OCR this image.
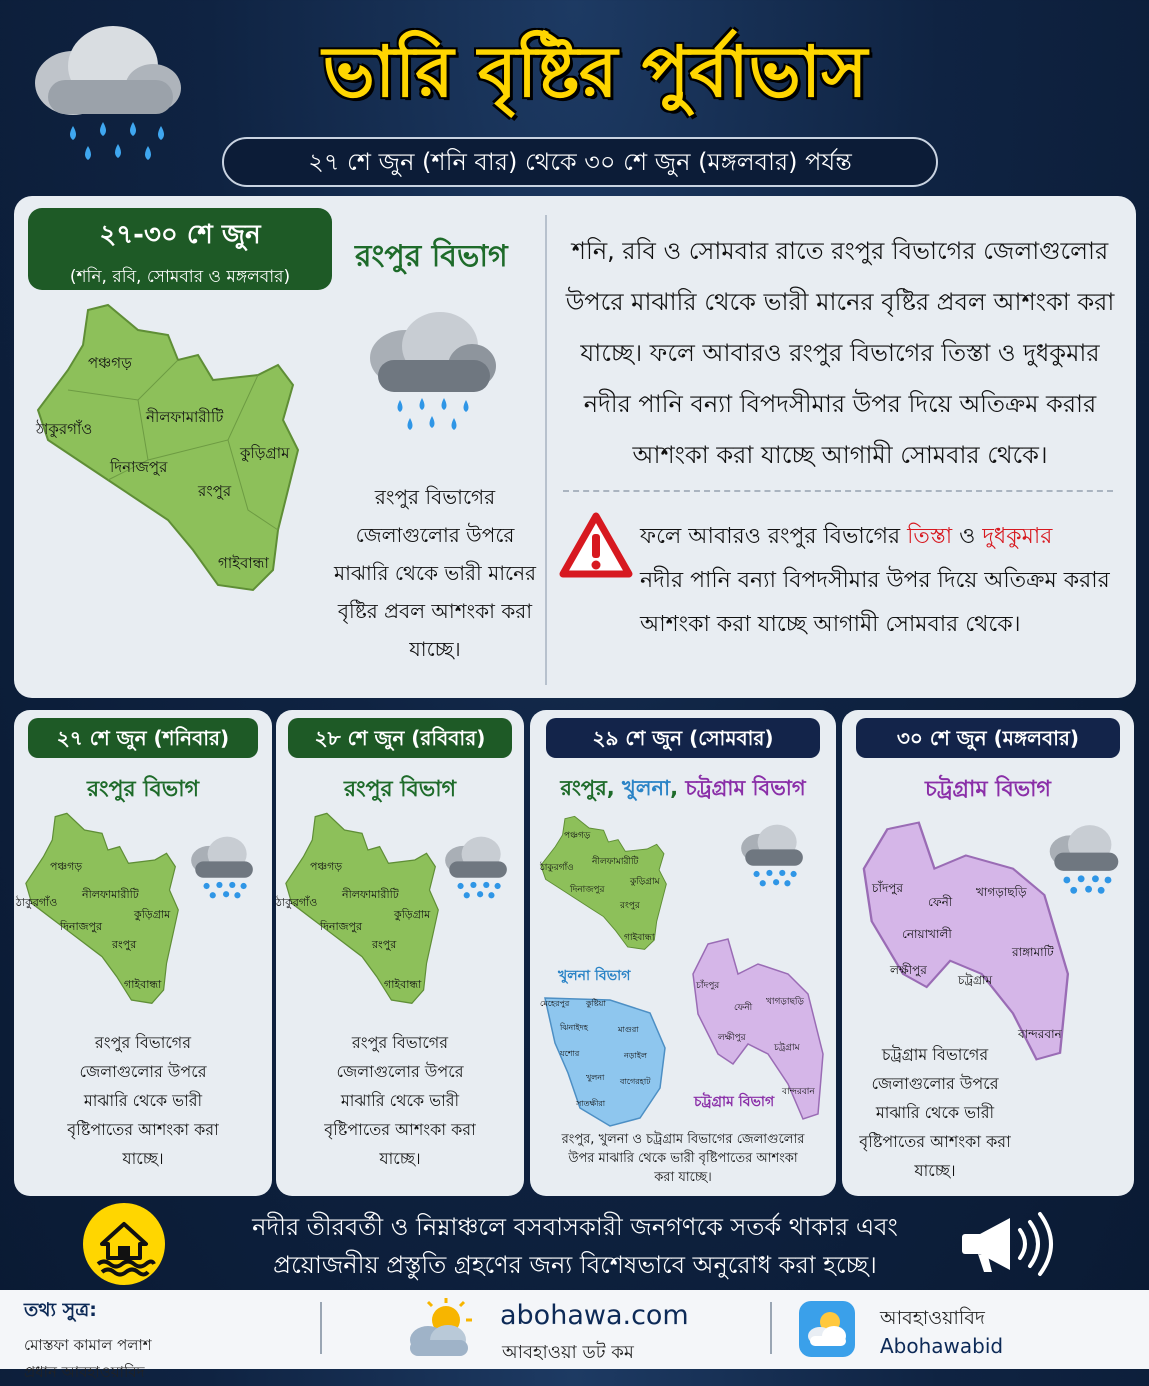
ভারি বৃষ্টির পুর্বাভাস
২৭ শে জুন (শনি বার) থেকে ৩০ শে জুন (মঙ্গলবার) পর্যন্ত
২৭-৩০ শে জুন
(শনি, রবি, সোমবার ও মঙ্গলবার)
রংপুর বিভাগ
পঞ্চগড়
ঠাকুরগাঁও
নীলফামারীটি
কুড়িগ্রাম
দিনাজপুর
রংপুর
গাইবান্ধা
রংপুর বিভাগের জেলাগুলোর উপরে মাঝারি থেকে ভারী মানের বৃষ্টির প্রবল আশংকা করা যাচ্ছে।
শনি, রবি ও সোমবার রাতে রংপুর বিভাগের জেলাগুলোর উপরে মাঝারি থেকে ভারী মানের বৃষ্টির প্রবল আশংকা করা যাচ্ছে। ফলে আবারও রংপুর বিভাগের তিস্তা ও দুধকুমার নদীর পানি বন্যা বিপদসীমার উপর দিয়ে অতিক্রম করার আশংকা করা যাচ্ছে আগামী সোমবার থেকে।
ফলে আবারও রংপুর বিভাগের তিস্তা ও দুধকুমার
নদীর পানি বন্যা বিপদসীমার উপর দিয়ে অতিক্রম করার আশংকা করা যাচ্ছে আগামী সোমবার থেকে।
২৭ শে জুন (শনিবার)
রংপুর বিভাগ
পঞ্চগড়
ঠাকুরগাঁও
নীলফামারীটি
কুড়িগ্রাম
দিনাজপুর
রংপুর
গাইবান্ধা
রংপুর বিভাগের জেলাগুলোর উপরে মাঝারি থেকে ভারী বৃষ্টিপাতের আশংকা করা যাচ্ছে।
২৮ শে জুন (রবিবার)
রংপুর বিভাগ
পঞ্চগড়
ঠাকুরগাঁও
নীলফামারীটি
কুড়িগ্রাম
দিনাজপুর
রংপুর
গাইবান্ধা
রংপুর বিভাগের জেলাগুলোর উপরে মাঝারি থেকে ভারী বৃষ্টিপাতের আশংকা করা যাচ্ছে।
২৯ শে জুন (সোমবার)
রংপুর, খুলনা, চট্রগ্রাম বিভাগ
পঞ্চগড়
নীলফামারীটি
ঠাকুরগাঁও
কুড়িগ্রাম
দিনাজপুর
রংপুর
গাইবান্ধা
খুলনা বিভাগ
মেহেরপুর কুষ্টিয়া
ঝিনাইদহ	মাগুরা
যশোর	নড়াইল
খুলনা বাগেরহাট
সাতক্ষীরা
চাঁদপুর
ফেনী
খাগড়াছড়ি
লক্ষীপুর
চট্রগ্রাম
বান্দরবান
চট্রগ্রাম বিভাগ
রংপুর, খুলনা ও চট্রগ্রাম বিভাগের জেলাগুলোর উপর মাঝারি থেকে ভারী বৃষ্টিপাতের আশংকা করা যাচ্ছে।
৩০ শে জুন (মঙ্গলবার)
চট্রগ্রাম বিভাগ
চাঁদপুর
ফেনী
খাগড়াছড়ি
নোয়াখালী
লক্ষীপুর
রাঙ্গামাটি
চট্রগ্রাম
বান্দরবান
চট্রগ্রাম বিভাগের জেলাগুলোর উপরে মাঝারি থেকে ভারী বৃষ্টিপাতের আশংকা করা যাচ্ছে।
নদীর তীরবর্তী ও নিম্নাঞ্চলে বসবাসকারী জনগণকে সতর্ক থাকার এবং প্রয়োজনীয় প্রস্তুতি গ্রহণের জন্য বিশেষভাবে অনুরোধ করা হচ্ছে।
তথ্য সুত্র:
মোস্তফা কামাল পলাশ
প্রধান আবহাওয়াবিদ
abohawa.com
আবহাওয়া ডট কম
আবহাওয়াবিদ
Abohawabid
